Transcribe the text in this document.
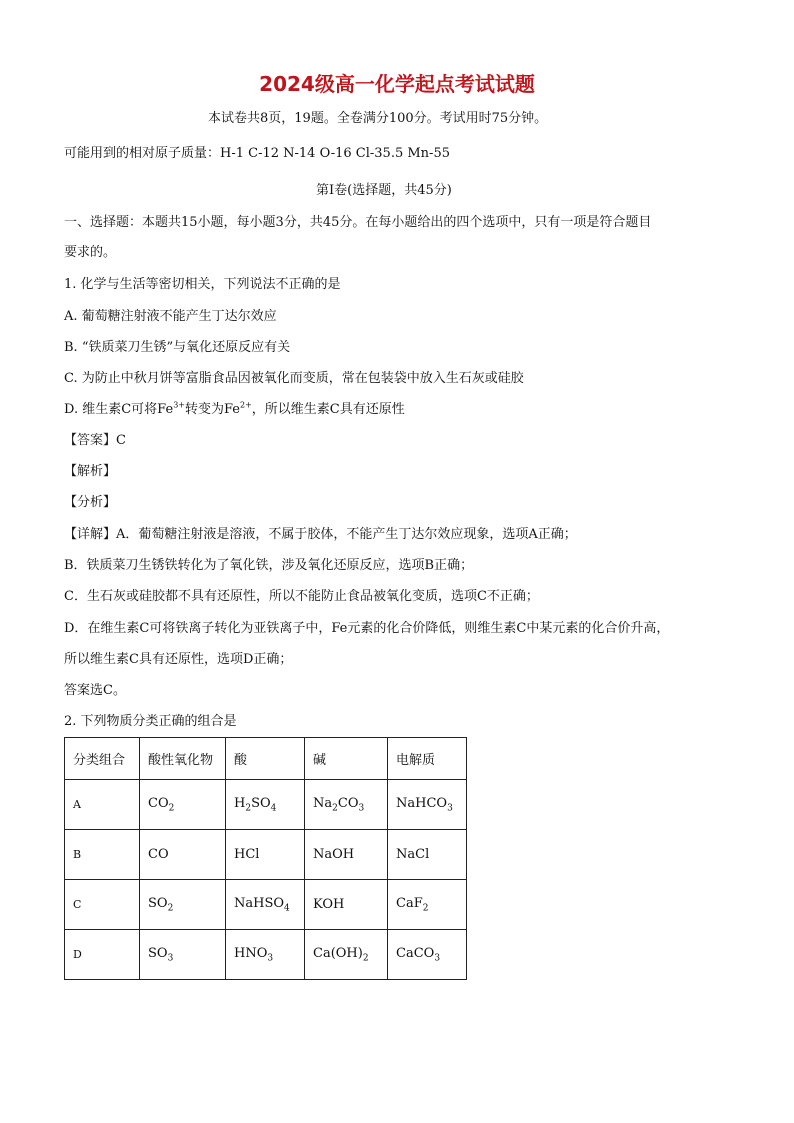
2024级高一化学起点考试试题
本试卷共8页，19题。全卷满分100分。考试用时75分钟。
可能用到的相对原子质量：H-1 C-12 N-14 O-16 Cl-35.5 Mn-55
第Ⅰ卷(选择题，共45分)
一、选择题：本题共15小题，每小题3分，共45分。在每小题给出的四个选项中，只有一项是符合题目
要求的。
1. 化学与生活等密切相关，下列说法不正确的是
A. 葡萄糖注射液不能产生丁达尔效应
B. “铁质菜刀生锈”与氧化还原反应有关
C. 为防止中秋月饼等富脂食品因被氧化而变质，常在包装袋中放入生石灰或硅胶
D. 维生素C可将$Fe^{3+}$转变为$Fe^{2+}$，所以维生素C具有还原性
【答案】C
【解析】
【分析】
【详解】A．葡萄糖注射液是溶液，不属于胶体，不能产生丁达尔效应现象，选项A正确；
B．铁质菜刀生锈铁转化为了氧化铁，涉及氧化还原反应，选项B正确；
C．生石灰或硅胶都不具有还原性，所以不能防止食品被氧化变质，选项C不正确；
D．在维生素C可将铁离子转化为亚铁离子中，Fe元素的化合价降低，则维生素C中某元素的化合价升高，
所以维生素C具有还原性，选项D正确；
答案选C。
2. 下列物质分类正确的组合是
分类组合	酸性氧化物	酸	碱	电解质
A	$CO_2$	$H_2SO_4$	$Na_2CO_3$	NaHCO$_3$
B	CO	HCl	NaOH	NaCl
C	$SO_2$	NaHSO$_4$	KOH	CaF$_2$
D	$SO_3$	$HNO_3$	$Ca(OH)_2$	CaCO$_3$
